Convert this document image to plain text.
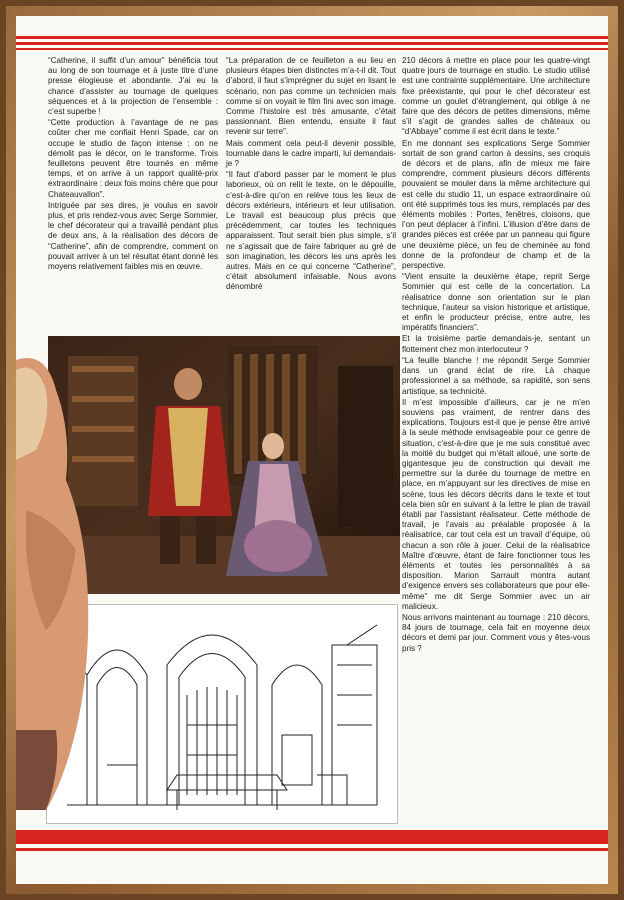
“Catherine, il suffit d’un amour” bénéficia tout au long de son tournage et à juste titre d’une presse élogieuse et abondante. J’ai eu la chance d’assister au tournage de quelques séquences et à la projection de l’ensemble : c’est superbe !

“Cette production à l’avantage de ne pas coûter cher me confiait Henri Spade, car on occupe le studio de façon intense : on ne démolit pas le décor, on le transforme. Trois feuilletons peuvent être tournés en même temps, et on arrive à un rapport qualité-prix extraordinaire : deux fois moins chère que pour Chateauvallon”.

Intriguée par ses dires, je voulus en savoir plus, et pris rendez-vous avec Serge Sommier, le chef décorateur qui a travaillé pendant plus de deux ans, à la réalisation des décors de “Catherine”, afin de comprendre, comment on pouvait arriver à un tel résultat étant donné les moyens relativement faibles mis en œuvre.

“La préparation de ce feuilleton a eu lieu en plusieurs étapes bien distinctes m’a-t-il dit. Tout d’abord, il faut s’imprégner du sujet en lisant le scénario, non pas comme un technicien mais comme si on voyait le film fini avec son image. Comme l’histoire est très amusante, c’était passionnant. Bien entendu, ensuite il faut revenir sur terre”.

Mais comment cela peut-il devenir possible, tournable dans le cadre imparti, lui demandais-je ?

“Il faut d’abord passer par le moment le plus laborieux, où on relit le texte, on le dépouille, c’est-à-dire qu’on en relève tous les lieux de décors extérieurs, intérieurs et leur utilisation. Le travail est beaucoup plus précis que précédemment, car toutes les techniques apparaissent. Tout serait bien plus simple, s’il ne s’agissait que de faire fabriquer au gré de son imagination, les décors les uns après les autres. Mais en ce qui concerne “Catherine”, c’était absolument infaisable. Nous avons dénombré

210 décors à mettre en place pour les quatre-vingt quatre jours de tournage en studio. Le studio utilisé est une contrainte supplémentaire. Une architecture fixe préexistante, qui pour le chef décorateur est comme un goulet d’étranglement, qui oblige à ne faire que des décors de petites dimensions, même s’il s’agit de grandes salles de châteaux ou “d’Abbaye” comme il est écrit dans le texte.”

En me donnant ses explications Serge Sommier sortait de son grand carton à dessins, ses croquis de décors et de plans, afin de mieux me faire comprendre, comment plusieurs décors différents pouvaient se mouler dans la même architecture qui est celle du studio 11, un espace extraordinaire où ont été supprimés tous les murs, remplacés par des éléments mobiles : Portes, fenêtres, cloisons, que l’on peut déplacer à l’infini. L’illusion d’être dans de grandes pièces est créée par un panneau qui figure une deuxième pièce, un feu de cheminée au fond donne de la profondeur de champ et de la perspective.

“Vient ensuite la deuxième étape, reprit Serge Sommier qui est celle de la concertation. La réalisatrice donne son orientation sur le plan technique, l’auteur sa vision historique et artistique, et enfin le producteur précise, entre autre, les impératifs financiers”.

Et la troisième partie demandais-je, sentant un flottement chez mon interlocuteur ?

“La feuille blanche ! me répondit Serge Sommier dans un grand éclat de rire. Là chaque professionnel a sa méthode, sa rapidité, son sens artistique, sa technicité.

Il m’est impossible d’ailleurs, car je ne m’en souviens pas vraiment, de rentrer dans des explications. Toujours est-il que je pense être arrivé à la seule méthode envisageable pour ce genre de situation, c’est-à-dire que je me suis constitué avec la moitié du budget qui m’était alloué, une sorte de gigantesque jeu de construction qui devait me permettre sur la durée du tournage de mettre en place, en m’appuyant sur les directives de mise en scène, tous les décors décrits dans le texte et tout cela bien sûr en suivant à la lettre le plan de travail établi par l’assistant réalisateur. Cette méthode de travail, je l’avais au préalable proposée à la réalisatrice, car tout cela est un travail d’équipe, où chacun a son rôle à jouer. Celui de la réalisatrice Maître d’œuvre, étant de faire fonctionner tous les éléments et toutes les personnalités à sa disposition. Marion Sarrault montra autant d’exigence envers ses collaborateurs que pour elle-même” me dit Serge Sommier avec un air malicieux.

Nous arrivons maintenant au tournage : 210 décors, 84 jours de tournage, cela fait en moyenne deux décors et demi par jour. Comment vous y êtes-vous pris ?
